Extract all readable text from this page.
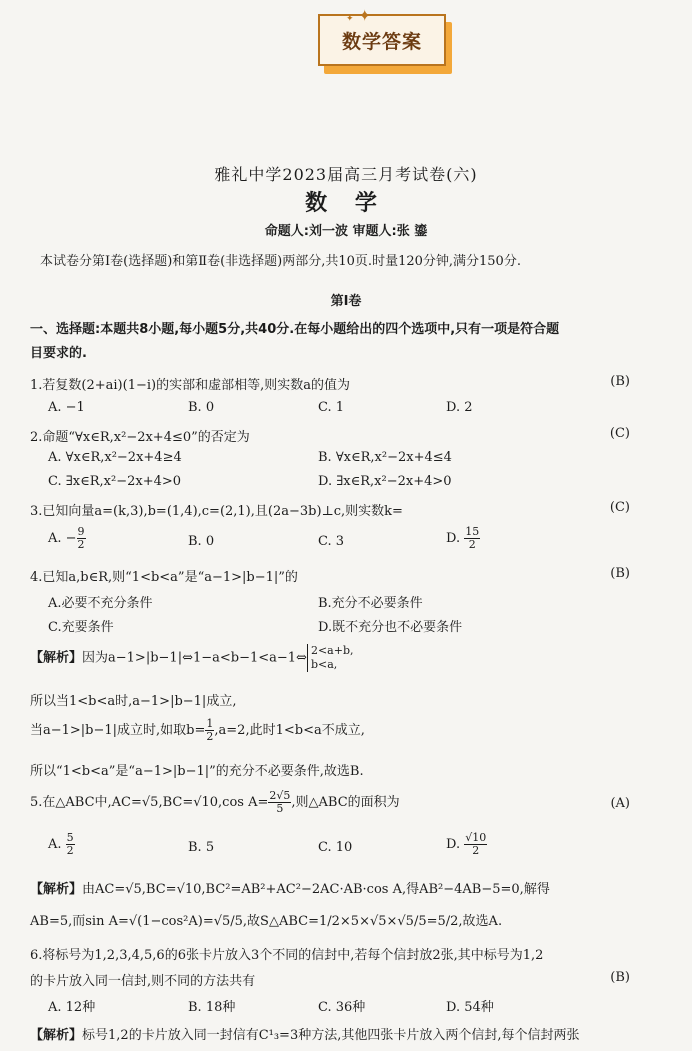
数学答案
✦
✦
雅礼中学2023届高三月考试卷(六)
数 学
命题人:刘一波 审题人:张 鎏
本试卷分第Ⅰ卷(选择题)和第Ⅱ卷(非选择题)两部分,共10页.时量120分钟,满分150分.
第Ⅰ卷
一、选择题:本题共8小题,每小题5分,共40分.在每小题给出的四个选项中,只有一项是符合题
目要求的.
1.若复数(2+ai)(1−i)的实部和虚部相等,则实数a的值为	(B)
A. −1	B. 0	C. 1	D. 2
2.命题“∀x∈R,x²−2x+4≤0”的否定为	(C)
A. ∀x∈R,x²−2x+4≥4	B. ∀x∈R,x²−2x+4≤4
C. ∃x∈R,x²−2x+4>0	D. ∃x∈R,x²−2x+4>0
3.已知向量a=(k,3),b=(1,4),c=(2,1),且(2a−3b)⊥c,则实数k=	(C)
A. − $\frac{9}{2}$	B. 0	C. 3	D. $\frac{15}{2}$
4.已知a,b∈R,则“1<b<a”是“a−1>|b−1|”的	(B)
A.必要不充分条件	B.充分不必要条件
C.充要条件	D.既不充分也不必要条件
【解析】因为a−1>|b−1|⇔1−a<b−1<a−1⇔ 2<a+b,
b<a,
所以当1<b<a时,a−1>|b−1|成立,
当a−1>|b−1|成立时,如取$b= \frac{1}{2} ,a=2$,此时1<b<a不成立,
所以“1<b<a”是“a−1>|b−1|”的充分不必要条件,故选B.
5.在△ABC中,AC=√5,BC=√10,cos $A= \frac{2√5}{5}$ ,则△ABC的面积为	(A)
A. $\frac{5}{2}$	B. 5	C. 10	D. $\frac{√10}{2}$
【解析】由AC=√5,BC=√10,BC²=AB²+AC²−2AC·AB·cos A,得AB²−4AB−5=0,解得
AB=5,而sin A=√(1−cos²A)=√5/5,故S△ABC=1/2×5×√5×√5/5=5/2,故选A.
6.将标号为1,2,3,4,5,6的6张卡片放入3个不同的信封中,若每个信封放2张,其中标号为1,2
的卡片放入同一信封,则不同的方法共有	(B)
A. 12种	B. 18种	C. 36种	D. 54种
【解析】标号1,2的卡片放入同一封信有C¹₃=3种方法,其他四张卡片放入两个信封,每个信封两张
